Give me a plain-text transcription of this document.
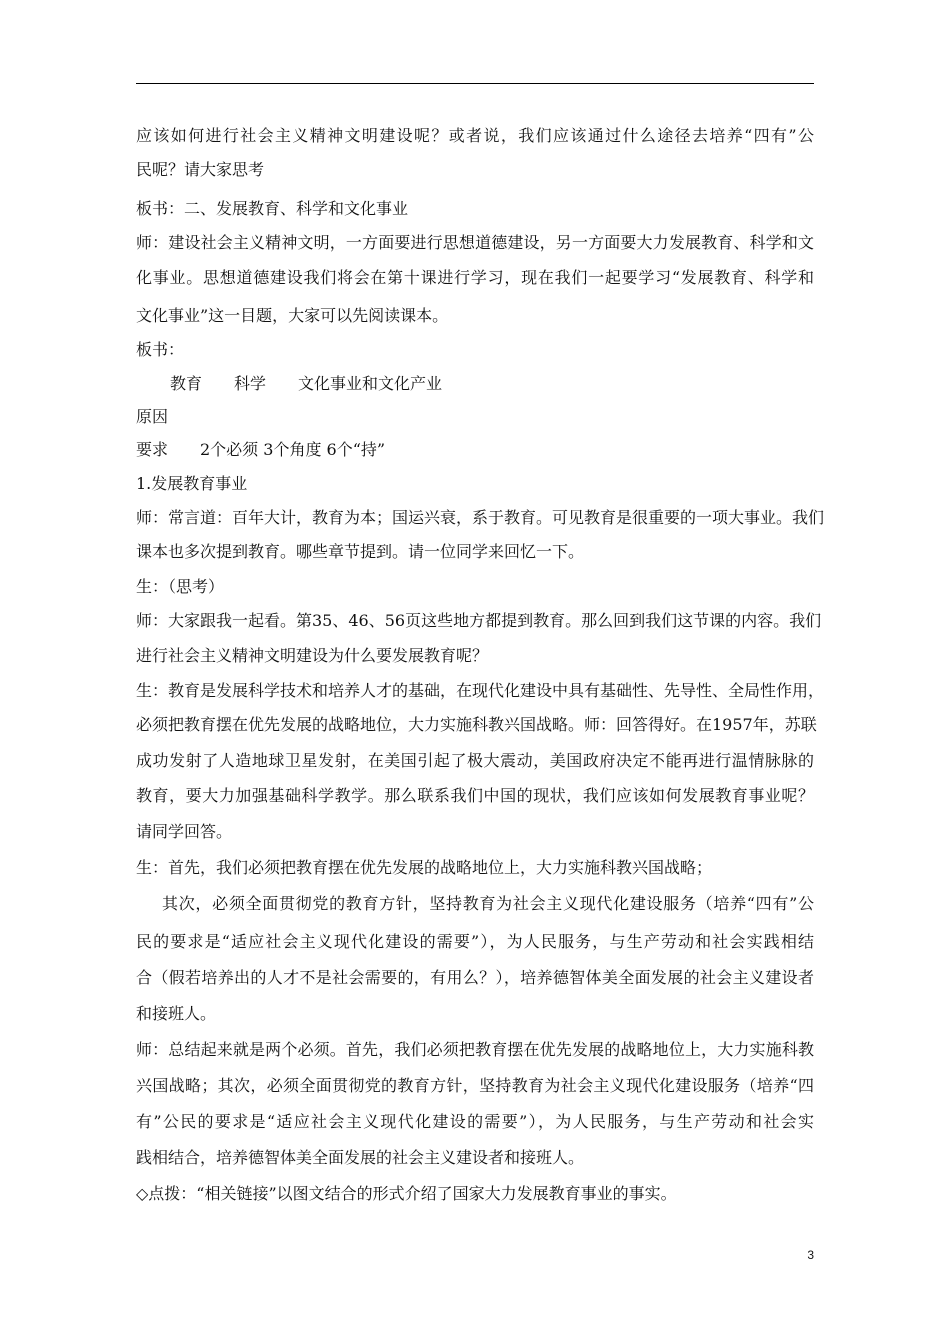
应该如何进行社会主义精神文明建设呢？或者说，我们应该通过什么途径去培养“四有”公
民呢？请大家思考
板书：二、发展教育、科学和文化事业
师：建设社会主义精神文明，一方面要进行思想道德建设，另一方面要大力发展教育、科学和文
化事业。思想道德建设我们将会在第十课进行学习，现在我们一起要学习“发展教育、科学和
文化事业”这一目题，大家可以先阅读课本。
板书：
教育　　科学　　文化事业和文化产业
原因
要求　　2个必须 3个角度 6个“持”
1.发展教育事业
师：常言道：百年大计，教育为本；国运兴衰，系于教育。可见教育是很重要的一项大事业。我们
课本也多次提到教育。哪些章节提到。请一位同学来回忆一下。
生：（思考）
师：大家跟我一起看。第35、46、56页这些地方都提到教育。那么回到我们这节课的内容。我们
进行社会主义精神文明建设为什么要发展教育呢？
生：教育是发展科学技术和培养人才的基础，在现代化建设中具有基础性、先导性、全局性作用，
必须把教育摆在优先发展的战略地位，大力实施科教兴国战略。师：回答得好。在1957年，苏联
成功发射了人造地球卫星发射，在美国引起了极大震动，美国政府决定不能再进行温情脉脉的
教育，要大力加强基础科学教学。那么联系我们中国的现状，我们应该如何发展教育事业呢？
请同学回答。
生：首先，我们必须把教育摆在优先发展的战略地位上，大力实施科教兴国战略；
其次，必须全面贯彻党的教育方针，坚持教育为社会主义现代化建设服务（培养“四有”公
民的要求是“适应社会主义现代化建设的需要”），为人民服务，与生产劳动和社会实践相结
合（假若培养出的人才不是社会需要的，有用么？），培养德智体美全面发展的社会主义建设者
和接班人。
师：总结起来就是两个必须。首先，我们必须把教育摆在优先发展的战略地位上，大力实施科教
兴国战略；其次，必须全面贯彻党的教育方针，坚持教育为社会主义现代化建设服务（培养“四
有”公民的要求是“适应社会主义现代化建设的需要”），为人民服务，与生产劳动和社会实
践相结合，培养德智体美全面发展的社会主义建设者和接班人。
◇点拨：“相关链接”以图文结合的形式介绍了国家大力发展教育事业的事实。
3
